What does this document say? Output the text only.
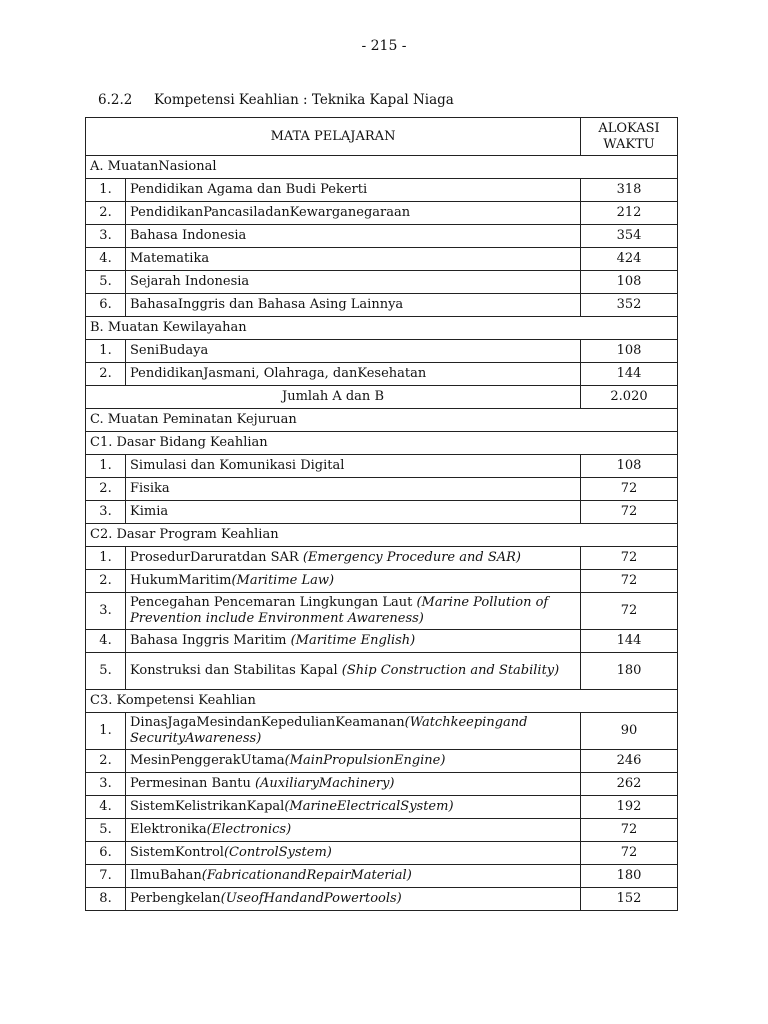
- 215 -
6.2.2 Kompetensi Keahlian : Teknika Kapal Niaga
MATA PELAJARAN		ALOKASI WAKTU
A. MuatanNasional		
1.	Pendidikan Agama dan Budi Pekerti	318
2.	PendidikanPancasiladanKewarganegaraan	212
3.	Bahasa Indonesia	354
4.	Matematika	424
5.	Sejarah Indonesia	108
6.	BahasaInggris dan Bahasa Asing Lainnya	352
B. Muatan Kewilayahan		
1.	SeniBudaya	108
2.	PendidikanJasmani, Olahraga, danKesehatan	144
Jumlah A dan B		2.020
C. Muatan Peminatan Kejuruan		
C1. Dasar Bidang Keahlian		
1.	Simulasi dan Komunikasi Digital	108
2.	Fisika	72
3.	Kimia	72
C2. Dasar Program Keahlian		
1.	ProsedurDaruratdan SAR (Emergency Procedure and SAR)	72
2.	HukumMaritim(Maritime Law)	72
3.	Pencegahan Pencemaran Lingkungan Laut (Marine Pollution of Prevention include Environment Awareness)	72
4.	Bahasa Inggris Maritim (Maritime English)	144
5.	Konstruksi dan Stabilitas Kapal (Ship Construction and Stability)	180
C3. Kompetensi Keahlian		
1.	DinasJagaMesindanKepedulianKeamanan(Watchkeepingand SecurityAwareness)	90
2.	MesinPenggerakUtama(MainPropulsionEngine)	246
3.	Permesinan Bantu (AuxiliaryMachinery)	262
4.	SistemKelistrikanKapal(MarineElectricalSystem)	192
5.	Elektronika(Electronics)	72
6.	SistemKontrol(ControlSystem)	72
7.	IlmuBahan(FabricationandRepairMaterial)	180
8.	Perbengkelan(UseofHandandPowertools)	152
